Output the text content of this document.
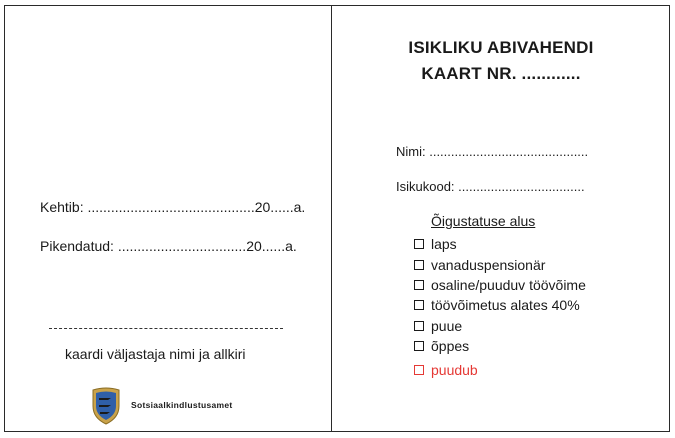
Kehtib: ...........................................20......a.
Pikendatud: .................................20......a.
kaardi väljastaja nimi ja allkiri
Sotsiaalkindlustusamet
ISIKLIKU ABIVAHENDI
KAART NR. ............
Nimi: ............................................
Isikukood: ...................................
Õigustatuse alus
laps
vanaduspensionär
osaline/puuduv töövõime
töövõimetus alates 40%
puue
õppes
puudub
